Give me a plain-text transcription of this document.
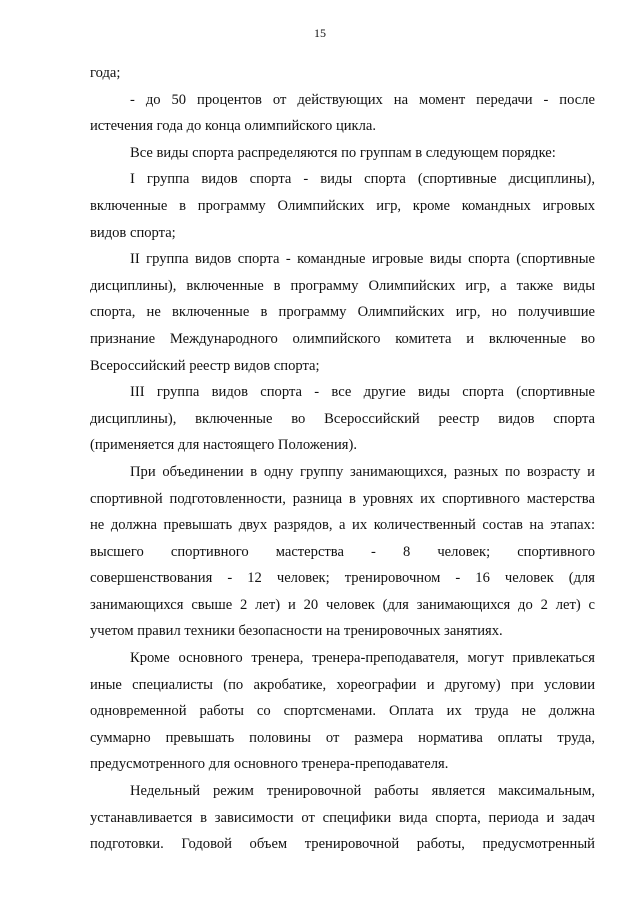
15
года;
- до 50 процентов от действующих на момент передачи - после
истечения года до конца олимпийского цикла.
Все виды спорта распределяются по группам в следующем порядке:
I группа видов спорта - виды спорта (спортивные дисциплины),
включенные в программу Олимпийских игр, кроме командных игровых
видов спорта;
II группа видов спорта - командные игровые виды спорта (спортивные
дисциплины), включенные в программу Олимпийских игр, а также виды
спорта, не включенные в программу Олимпийских игр, но получившие
признание Международного олимпийского комитета и включенные во
Всероссийский реестр видов спорта;
III группа видов спорта - все другие виды спорта (спортивные
дисциплины), включенные во Всероссийский реестр видов спорта
(применяется для настоящего Положения).
При объединении в одну группу занимающихся, разных по возрасту и
спортивной подготовленности, разница в уровнях их спортивного мастерства
не должна превышать двух разрядов, а их количественный состав на этапах:
высшего спортивного мастерства - 8 человек; спортивного
совершенствования - 12 человек; тренировочном - 16 человек (для
занимающихся свыше 2 лет) и 20 человек (для занимающихся до 2 лет) с
учетом правил техники безопасности на тренировочных занятиях.
Кроме основного тренера, тренера-преподавателя, могут привлекаться
иные специалисты (по акробатике, хореографии и другому) при условии
одновременной работы со спортсменами. Оплата их труда не должна
суммарно превышать половины от размера норматива оплаты труда,
предусмотренного для основного тренера-преподавателя.
Недельный режим тренировочной работы является максимальным,
устанавливается в зависимости от специфики вида спорта, периода и задач
подготовки. Годовой объем тренировочной работы, предусмотренный
